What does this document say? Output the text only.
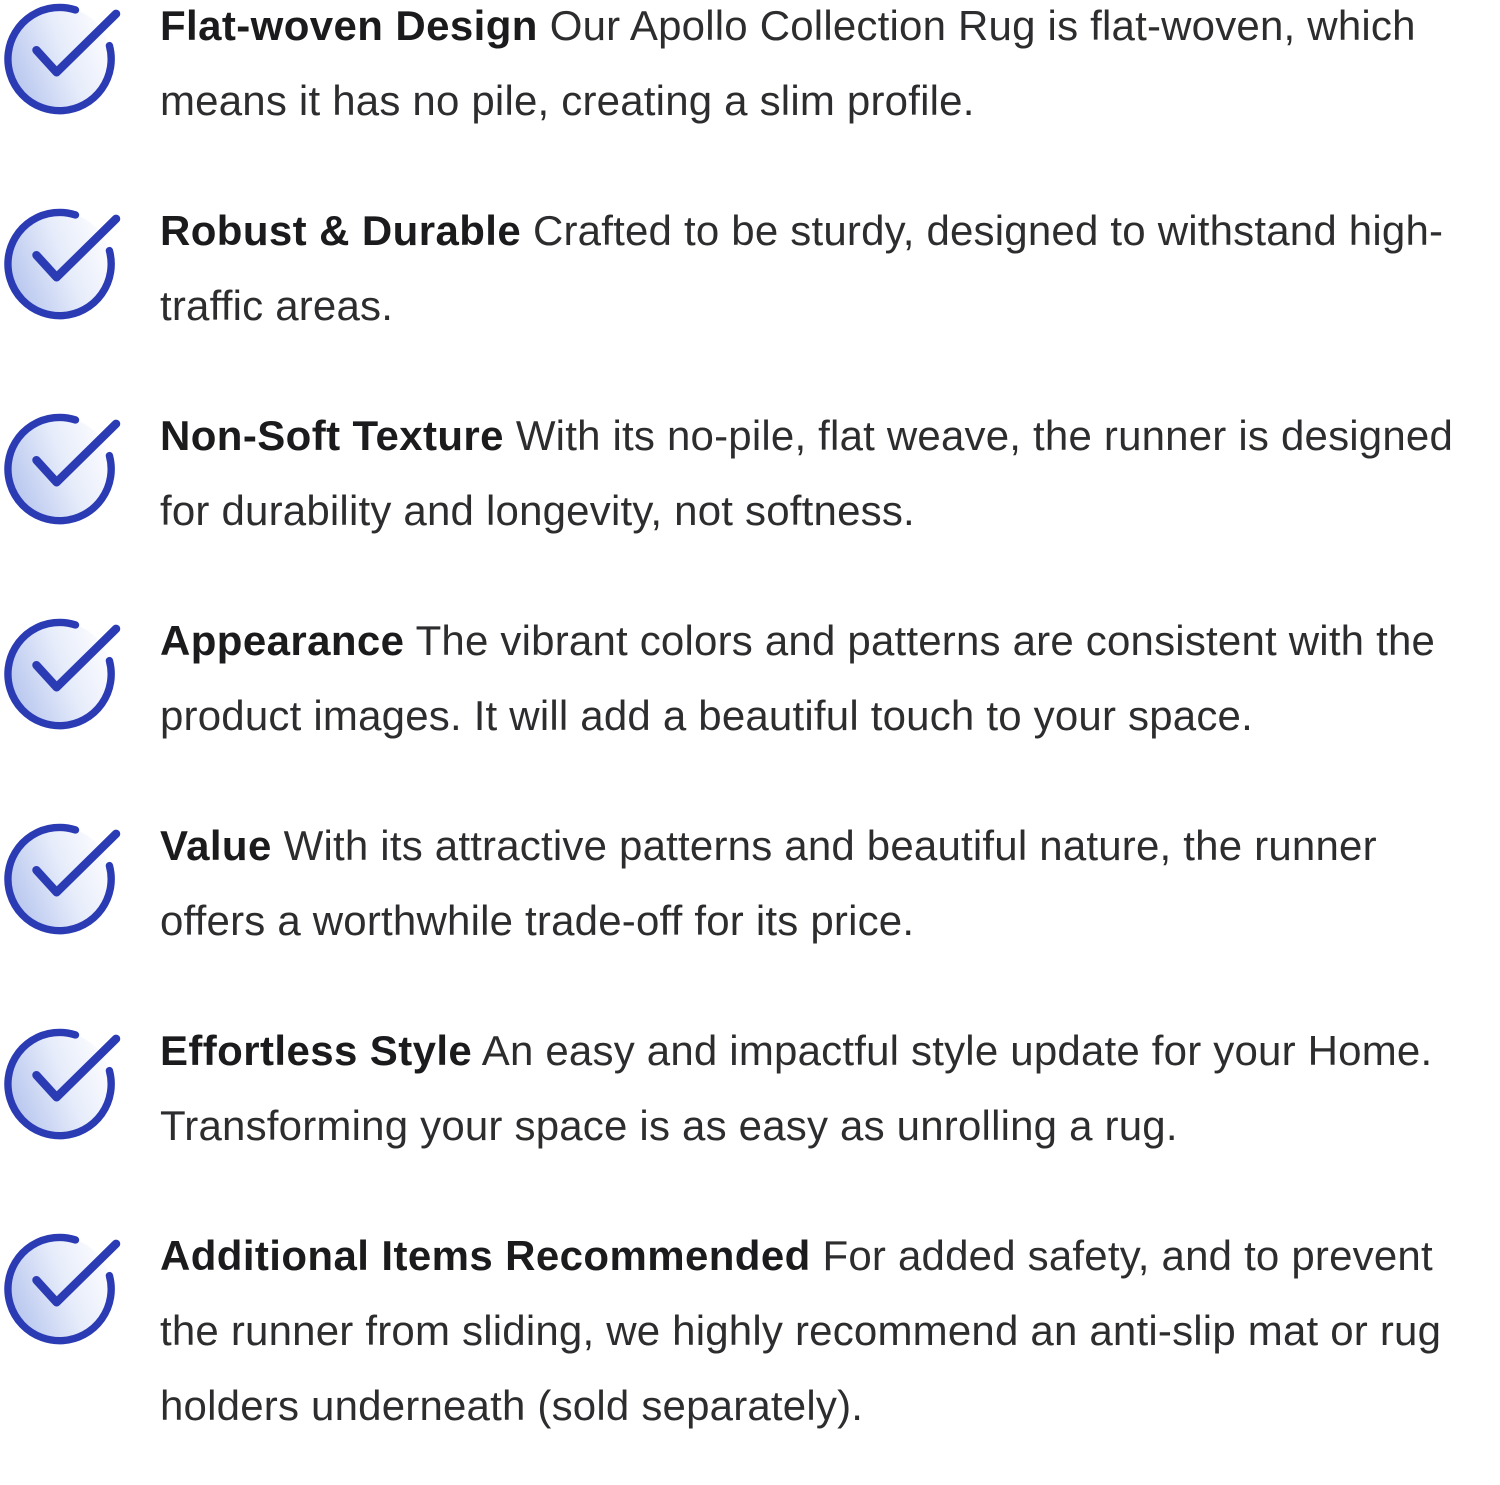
Flat-woven Design Our Apollo Collection Rug is flat-woven, which means it has no pile, creating a slim profile.

Robust & Durable Crafted to be sturdy, designed to withstand high-traffic areas.

Non-Soft Texture With its no-pile, flat weave, the runner is designed for durability and longevity, not softness.

Appearance The vibrant colors and patterns are consistent with the product images. It will add a beautiful touch to your space.

Value With its attractive patterns and beautiful nature, the runner offers a worthwhile trade-off for its price.

Effortless Style An easy and impactful style update for your Home. Transforming your space is as easy as unrolling a rug.

Additional Items Recommended For added safety, and to prevent the runner from sliding, we highly recommend an anti-slip mat or rug holders underneath (sold separately).
